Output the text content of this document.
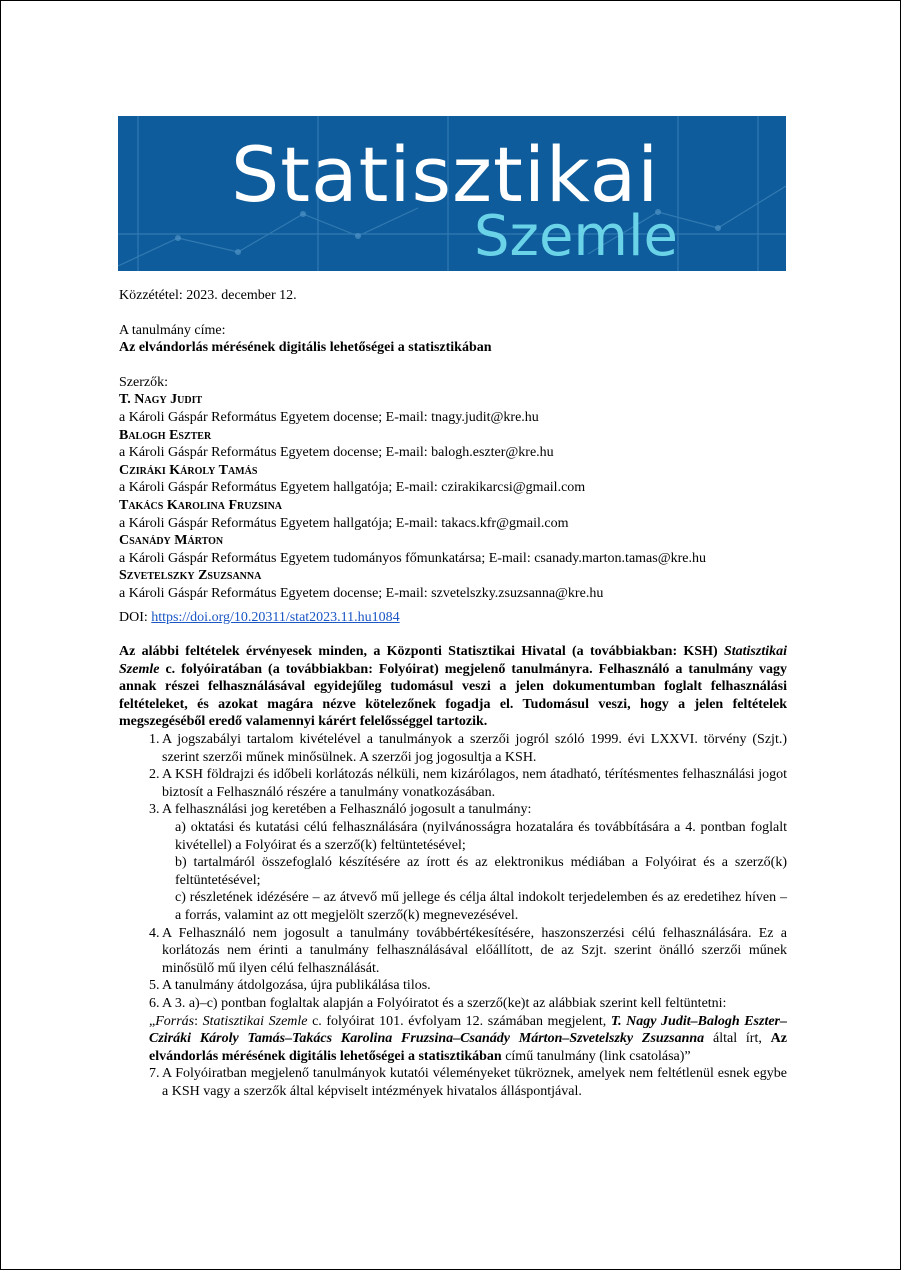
Statisztikai
Szemle
Közzététel: 2023. december 12.
A tanulmány címe:
Az elvándorlás mérésének digitális lehetőségei a statisztikában
Szerzők:
T. Nagy Judit
a Károli Gáspár Református Egyetem docense; E-mail: tnagy.judit@kre.hu
Balogh Eszter
a Károli Gáspár Református Egyetem docense; E-mail: balogh.eszter@kre.hu
Cziráki Károly Tamás
a Károli Gáspár Református Egyetem hallgatója; E-mail: czirakikarcsi@gmail.com
Takács Karolina Fruzsina
a Károli Gáspár Református Egyetem hallgatója; E-mail: takacs.kfr@gmail.com
Csanády Márton
a Károli Gáspár Református Egyetem tudományos főmunkatársa; E-mail: csanady.marton.tamas@kre.hu
Szvetelszky Zsuzsanna
a Károli Gáspár Református Egyetem docense; E-mail: szvetelszky.zsuzsanna@kre.hu
DOI: https://doi.org/10.20311/stat2023.11.hu1084
Az alábbi feltételek érvényesek minden, a Központi Statisztikai Hivatal (a továbbiakban: KSH) Statisztikai Szemle c. folyóiratában (a továbbiakban: Folyóirat) megjelenő tanulmányra. Felhasználó a tanulmány vagy annak részei felhasználásával egyidejűleg tudomásul veszi a jelen dokumentumban foglalt felhasználási feltételeket, és azokat magára nézve kötelezőnek fogadja el. Tudomásul veszi, hogy a jelen feltételek megszegéséből eredő valamennyi kárért felelősséggel tartozik.
1. A jogszabályi tartalom kivételével a tanulmányok a szerzői jogról szóló 1999. évi LXXVI. törvény (Szjt.) szerint szerzői műnek minősülnek. A szerzői jog jogosultja a KSH.
2. A KSH földrajzi és időbeli korlátozás nélküli, nem kizárólagos, nem átadható, térítésmentes felhasználási jogot biztosít a Felhasználó részére a tanulmány vonatkozásában.
3. A felhasználási jog keretében a Felhasználó jogosult a tanulmány:
a) oktatási és kutatási célú felhasználására (nyilvánosságra hozatalára és továbbítására a 4. pontban foglalt kivétellel) a Folyóirat és a szerző(k) feltüntetésével;
b) tartalmáról összefoglaló készítésére az írott és az elektronikus médiában a Folyóirat és a szerző(k) feltüntetésével;
c) részletének idézésére – az átvevő mű jellege és célja által indokolt terjedelemben és az eredetihez híven – a forrás, valamint az ott megjelölt szerző(k) megnevezésével.
4. A Felhasználó nem jogosult a tanulmány továbbértékesítésére, haszonszerzési célú felhasználására. Ez a korlátozás nem érinti a tanulmány felhasználásával előállított, de az Szjt. szerint önálló szerzői műnek minősülő mű ilyen célú felhasználását.
5. A tanulmány átdolgozása, újra publikálása tilos.
6. A 3. a)–c) pontban foglaltak alapján a Folyóiratot és a szerző(ke)t az alábbiak szerint kell feltüntetni:
„Forrás: Statisztikai Szemle c. folyóirat 101. évfolyam 12. számában megjelent, T. Nagy Judit–Balogh Eszter–Cziráki Károly Tamás–Takács Karolina Fruzsina–Csanády Márton–Szvetelszky Zsuzsanna által írt, Az elvándorlás mérésének digitális lehetőségei a statisztikában című tanulmány (link csatolása)”
7. A Folyóiratban megjelenő tanulmányok kutatói véleményeket tükröznek, amelyek nem feltétlenül esnek egybe a KSH vagy a szerzők által képviselt intézmények hivatalos álláspontjával.
